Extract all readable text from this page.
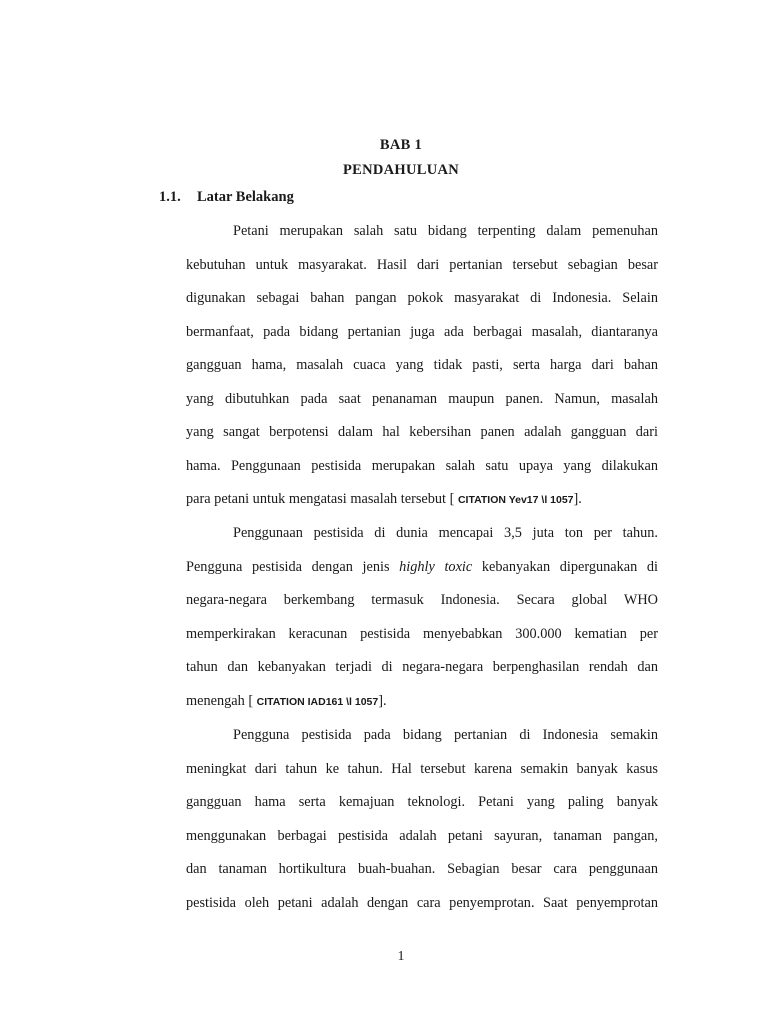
BAB 1
PENDAHULUAN
1.1. Latar Belakang
Petani merupakan salah satu bidang terpenting dalam pemenuhan
kebutuhan untuk masyarakat. Hasil dari pertanian tersebut sebagian besar
digunakan sebagai bahan pangan pokok masyarakat di Indonesia. Selain
bermanfaat, pada bidang pertanian juga ada berbagai masalah, diantaranya
gangguan hama, masalah cuaca yang tidak pasti, serta harga dari bahan
yang dibutuhkan pada saat penanaman maupun panen. Namun, masalah
yang sangat berpotensi dalam hal kebersihan panen adalah gangguan dari
hama. Penggunaan pestisida merupakan salah satu upaya yang dilakukan
para petani untuk mengatasi masalah tersebut [ CITATION Yev17 \l 1057].
Penggunaan pestisida di dunia mencapai 3,5 juta ton per tahun.
Pengguna pestisida dengan jenis highly toxic kebanyakan dipergunakan di
negara-negara berkembang termasuk Indonesia. Secara global WHO
memperkirakan keracunan pestisida menyebabkan 300.000 kematian per
tahun dan kebanyakan terjadi di negara-negara berpenghasilan rendah dan
menengah [ CITATION IAD161 \l 1057].
Pengguna pestisida pada bidang pertanian di Indonesia semakin
meningkat dari tahun ke tahun. Hal tersebut karena semakin banyak kasus
gangguan hama serta kemajuan teknologi. Petani yang paling banyak
menggunakan berbagai pestisida adalah petani sayuran, tanaman pangan,
dan tanaman hortikultura buah-buahan. Sebagian besar cara penggunaan
pestisida oleh petani adalah dengan cara penyemprotan. Saat penyemprotan
1
